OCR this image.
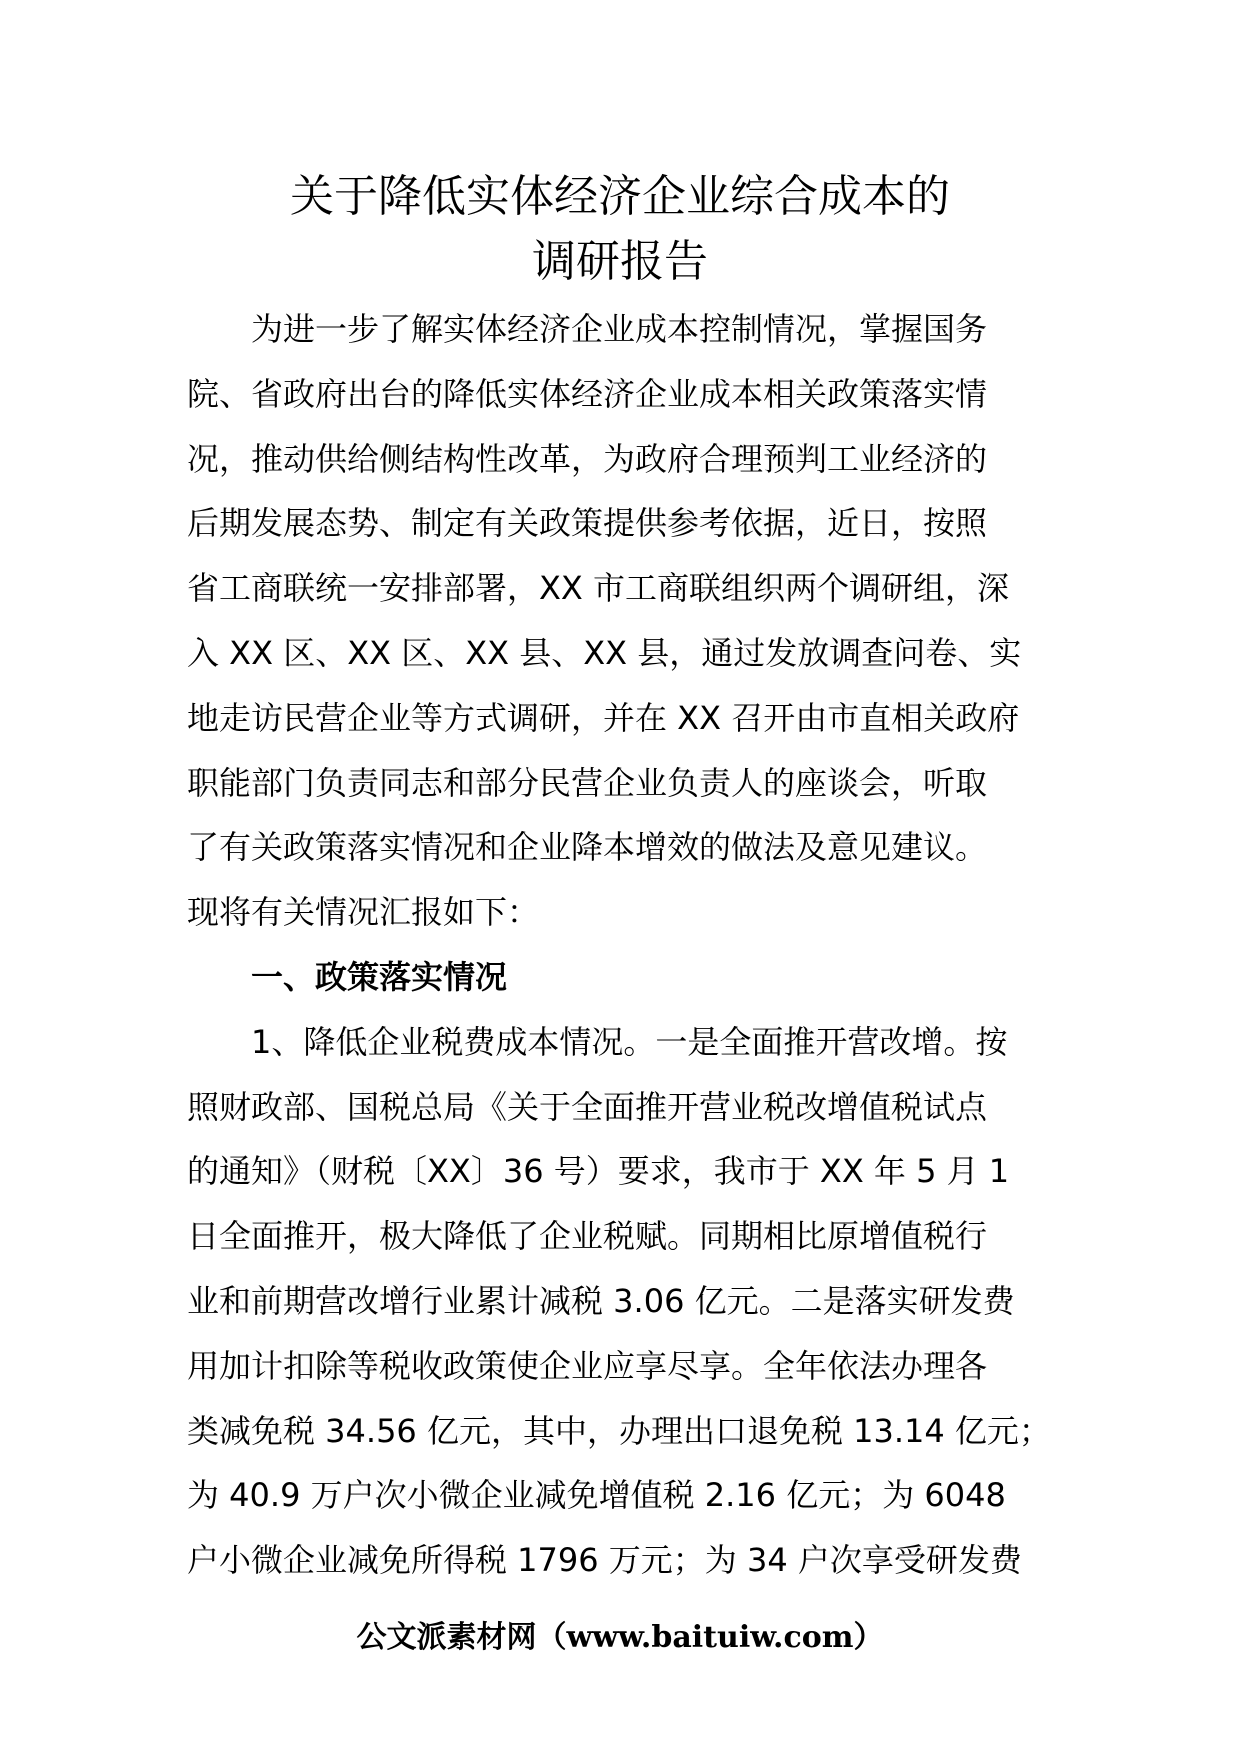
关于降低实体经济企业综合成本的
调研报告
为进一步了解实体经济企业成本控制情况，掌握国务
院、省政府出台的降低实体经济企业成本相关政策落实情
况，推动供给侧结构性改革，为政府合理预判工业经济的
后期发展态势、制定有关政策提供参考依据，近日，按照
省工商联统一安排部署，XX 市工商联组织两个调研组，深
入 XX 区、XX 区、XX 县、XX 县，通过发放调查问卷、实
地走访民营企业等方式调研，并在 XX 召开由市直相关政府
职能部门负责同志和部分民营企业负责人的座谈会，听取
了有关政策落实情况和企业降本增效的做法及意见建议。
现将有关情况汇报如下：
一、政策落实情况
1、降低企业税费成本情况。一是全面推开营改增。按
照财政部、国税总局《关于全面推开营业税改增值税试点
的通知》（财税〔XX〕36 号）要求，我市于 XX 年 5 月 1
日全面推开，极大降低了企业税赋。同期相比原增值税行
业和前期营改增行业累计减税 3.06 亿元。二是落实研发费
用加计扣除等税收政策使企业应享尽享。全年依法办理各
类减免税 34.56 亿元，其中，办理出口退免税 13.14 亿元；
为 40.9 万户次小微企业减免增值税 2.16 亿元；为 6048
户小微企业减免所得税 1796 万元；为 34 户次享受研发费
公文派素材网（www.baituiw.com）
